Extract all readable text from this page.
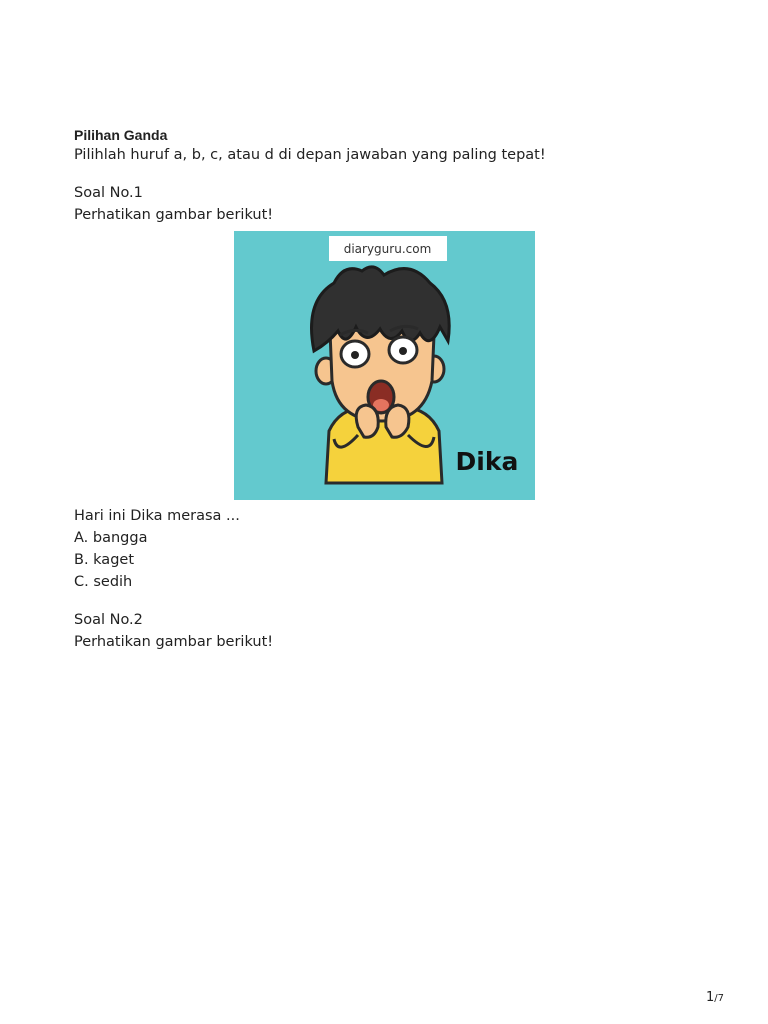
Pilihan Ganda

Pilihlah huruf a, b, c, atau d di depan jawaban yang paling tepat!

Soal No.1

Perhatikan gambar berikut!

diaryguru.com
Dika

Hari ini Dika merasa ...

A. bangga

B. kaget

C. sedih

Soal No.2

Perhatikan gambar berikut!

1/7
